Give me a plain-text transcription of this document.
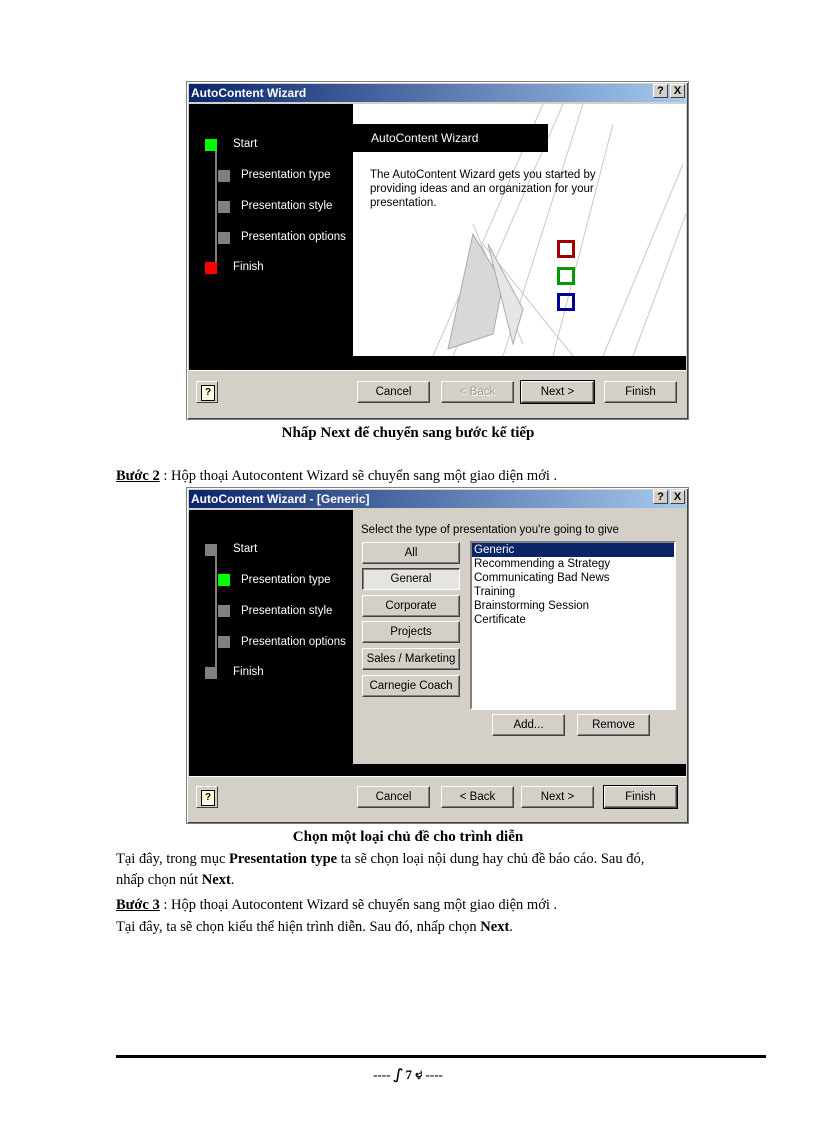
AutoContent Wizard	? X
Start
Presentation type
Presentation style
Presentation options
Finish
AutoContent Wizard
The AutoContent Wizard gets you started by
providing ideas and an organization for your
presentation.
?	Cancel	< Back	Next >	Finish
Nhấp Next để chuyển sang bước kế tiếp
Bước 2 : Hộp thoại Autocontent Wizard sẽ chuyển sang một giao diện mới .
AutoContent Wizard - [Generic]	? X
Start
Presentation type
Presentation style
Presentation options
Finish
Select the type of presentation you're going to give
All
General
Corporate
Projects
Sales / Marketing
Carnegie Coach
Generic
Recommending a Strategy
Communicating Bad News
Training
Brainstorming Session
Certificate
Add...	Remove
?	Cancel	< Back	Next >	Finish
Chọn một loại chủ đề cho trình diễn
Tại đây, trong mục Presentation type ta sẽ chọn loại nội dung hay chủ đề báo cáo. Sau đó,
nhấp chọn nút Next.
Bước 3 : Hộp thoại Autocontent Wizard sẽ chuyển sang một giao diện mới .
Tại đây, ta sẽ chọn kiểu thể hiện trình diễn. Sau đó, nhấp chọn Next.
---- ഽ 7 ಳ ----
